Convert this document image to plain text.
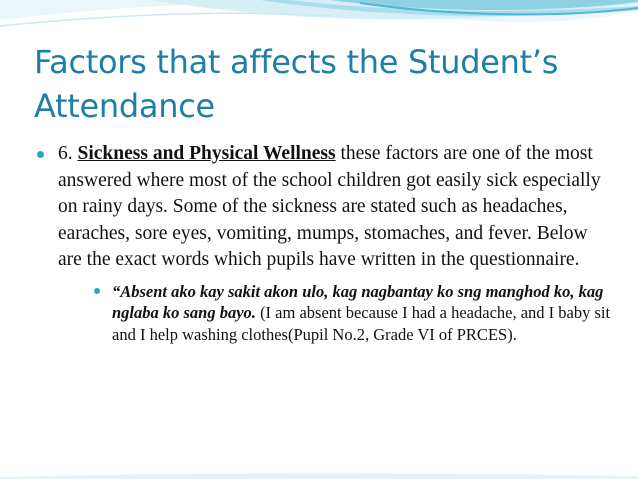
Factors that affects the Student’s Attendance

6. Sickness and Physical Wellness these factors are one of the most answered where most of the school children got easily sick especially on rainy days. Some of the sickness are stated such as headaches, earaches, sore eyes, vomiting, mumps, stomaches, and fever. Below are the exact words which pupils have written in the questionnaire.

“Absent ako kay sakit akon ulo, kag nagbantay ko sng manghod ko, kag nglaba ko sang bayo. (I am absent because I had a headache, and I baby sit and I help washing clothes(Pupil No.2, Grade VI of PRCES).
